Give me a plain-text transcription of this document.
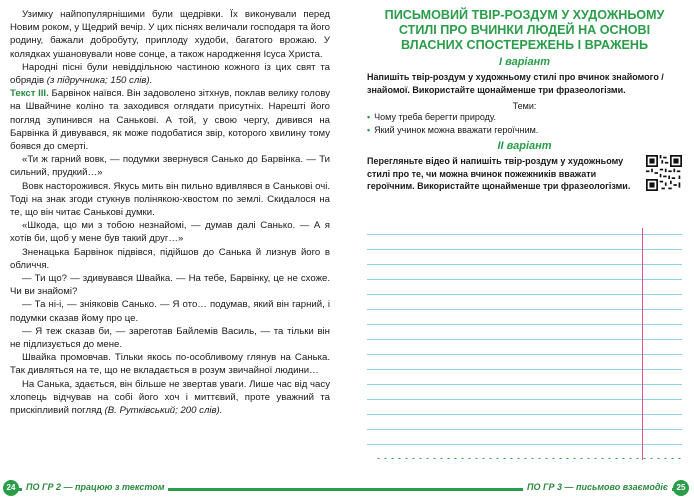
Узимку найпопулярнішими були щедрівки. Їх виконували перед Новим роком, у Щедрий вечір. У цих піснях величали господаря та його родину, бажали добробуту, приплоду худоби, багатого врожаю. У колядках ушановували нове сонце, а також народження Ісуса Христа.

Народні пісні були невіддільною частиною кожного із цих свят та обрядів (з підручника; 150 слів).

Текст ІІІ. Барвінок наївся. Він задоволено зітхнув, поклав велику голову на Швайчине коліно та заходився оглядати присутніх. Нарешті його погляд зупинився на Саньковi. А той, у свою чергу, дивився на Барвінка й дивувався, як може подобатися звір, которого хвилину тому боявся до смерті.

«Ти ж гарний вовк, — подумки звернувся Санько до Барвінка. — Ти сильний, прудкий…»

Вовк насторожився. Якусь мить він пильно вдивлявся в Санькові очі. Тоді на знак згоди стукнув полінякою-хвостом по землі. Скидалося на те, що він читає Санькові думки.

«Шкода, що ми з тобою незнайомі, — думав далі Санько. — А я хотів би, щоб у мене був такий друг…»

Зненацька Барвінок підвівся, підійшов до Санька й лизнув його в обличчя.

— Ти що? — здивувався Швайка. — На тебе, Барвінку, це не схоже. Чи ви знайомі?

— Та ні-і, — зніяковів Санько. — Я ото… подумав, який він гарний, і подумки сказав йому про це.

— Я теж сказав би, — зареготав Байлемів Василь, — та тільки він не підлизується до мене.

Швайка промовчав. Тільки якось по-особливому глянув на Санька. Так дивляться на те, що не вкладається в розум звичайної людини…

На Санька, здається, він більше не звертав уваги. Лише час від часу хлопець відчував на собі його хоч і миттєвий, проте уважний та прискіпливий погляд (В. Рутківський; 200 слів).

24	ПО ГР 2 — працюю з текстом
ПИСЬМОВИЙ ТВІР-РОЗДУМ У ХУДОЖНЬОМУ СТИЛІ ПРО ВЧИНКИ ЛЮДЕЙ НА ОСНОВІ ВЛАСНИХ СПОСТЕРЕЖЕНЬ І ВРАЖЕНЬ
І варіант
Напишіть твір-роздум у художньому стилі про вчинок знайомого / знайомої. Використайте щонайменше три фразеологізми.
Теми:
• Чому треба берегти природу.
• Який учинок можна вважати героїчним.
ІІ варіант
Перегляньте відео й напишіть твір-роздум у художньому стилі про те, чи можна вчинок пожежників вважати героїчним. Використайте щонайменше три фразеологізми.
25
ПО ГР 3 — письмово взаємодіє
